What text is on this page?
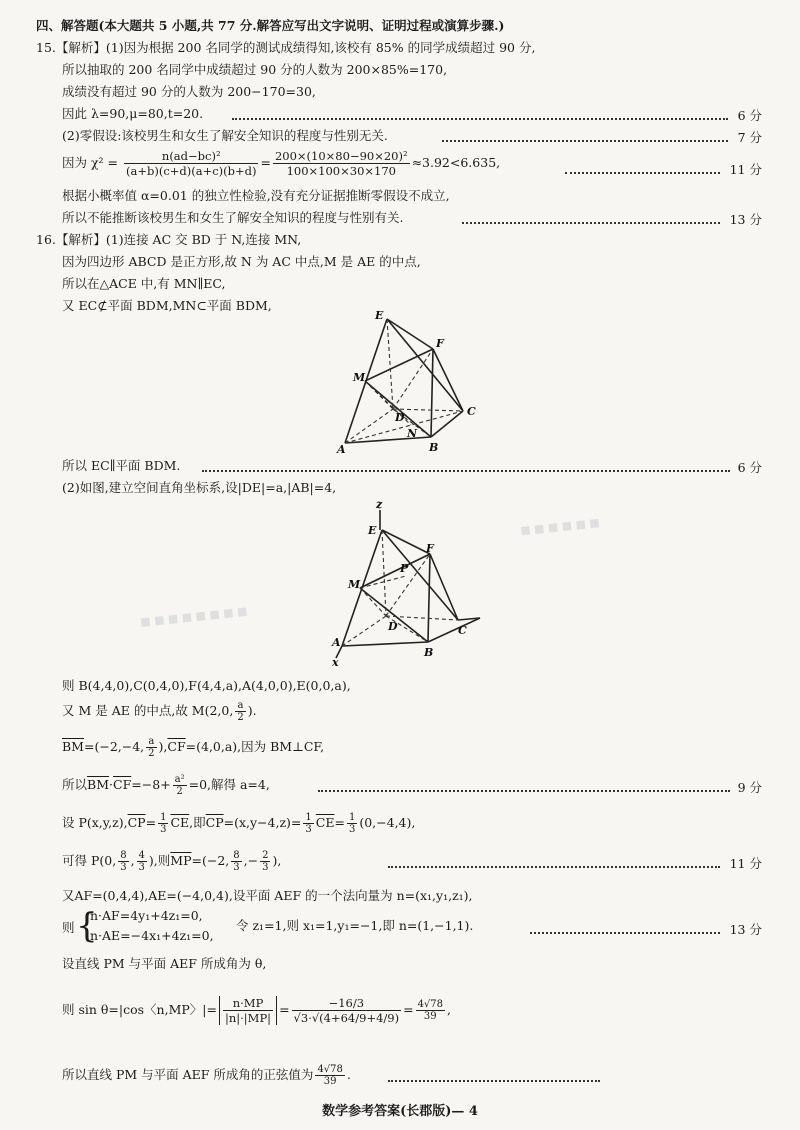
■ ■ ■ ■ ■ ■ ■ ■
■ ■ ■ ■ ■ ■
四、解答题(本大题共 5 小题,共 77 分.解答应写出文字说明、证明过程或演算步骤.)
15.【解析】(1)因为根据 200 名同学的测试成绩得知,该校有 85% 的同学成绩超过 90 分,
所以抽取的 200 名同学中成绩超过 90 分的人数为 200×85%=170,
成绩没有超过 90 分的人数为 200−170=30,
因此 λ=90,μ=80,t=20.	6 分
(2)零假设:该校男生和女生了解安全知识的程度与性别无关.	7 分
因为 $\chi^2 = \frac{\text{n(ad−bc)²}}{(a+b)(c+d)(a+c)(b+d)} = \frac{\text{200×(10×80−90×20)²}}{100\times 100\times 30\times 170} \approx 3.92<6.635$,	11 分
根据小概率值 α=0.01 的独立性检验,没有充分证据推断零假设不成立,
所以不能推断该校男生和女生了解安全知识的程度与性别有关.	13 分
16.【解析】(1)连接 AC 交 BD 于 N,连接 MN,
因为四边形 ABCD 是正方形,故 N 为 AC 中点,M 是 AE 的中点,
所以在△ACE 中,有 MN∥EC,
又 EC⊄平面 BDM,MN⊂平面 BDM,
E
F
M
D
N
C
A	B
所以 EC∥平面 BDM.	6 分
(2)如图,建立空间直角坐标系,设|DE|=a,|AB|=4,
z
E
F
P
M
D	C
A
B
x
则 B(4,4,0),C(0,4,0),F(4,4,a),A(4,0,0),E(0,0,a),
又 M 是 AE 的中点,故 M(2,0, $\frac{a}{2}$ ).
$\overline{BM}=(-2,-4$, $\frac{a}{2} ),\overline{CF}=(4,0,a)$,因为 BM⊥CF,
所以$\overline{BM}\cdot\overline{CF}=-8+ \frac{\text{a²}}{2} =0$,解得 a=4,	9 分
设 $P(x,y,z),\overline{CP}= \frac{1}{3} \overline{CE}$,即$\overline{CP}=(x,y-4,z)= \frac{1}{3} \overline{CE}= \frac{1}{3} (0,-4,4)$,
可得 P(0, $\frac{8}{3}$ , $\frac{4}{3}$ ),则$\overline{MP}=(-2$, $\frac{8}{3}$ ,− $\frac{2}{3}$ ),	11 分
又AF=(0,4,4),AE=(−4,0,4),设平面 AEF 的一个法向量为 n=(x₁,y₁,z₁),
则 {
n·AF=4y₁+4z₁=0,
n·AE=−4x₁+4z₁=0,
令 z₁=1,则 x₁=1,y₁=−1,即 n=(1,−1,1).	13 分
设直线 PM 与平面 AEF 所成角为 θ,
则 sin θ=|cos〈n,MP〉|= $\frac{n\cdot MP}{|n|\cdot|MP|} = \frac{-16/3}{√3\cdot√(4+64/9+4/9)} = \frac{4√78}{39}$ ,
所以直线 PM 与平面 AEF 所成角的正弦值为 $\frac{4√78}{39}$ .
数学参考答案(长郡版)— 4
